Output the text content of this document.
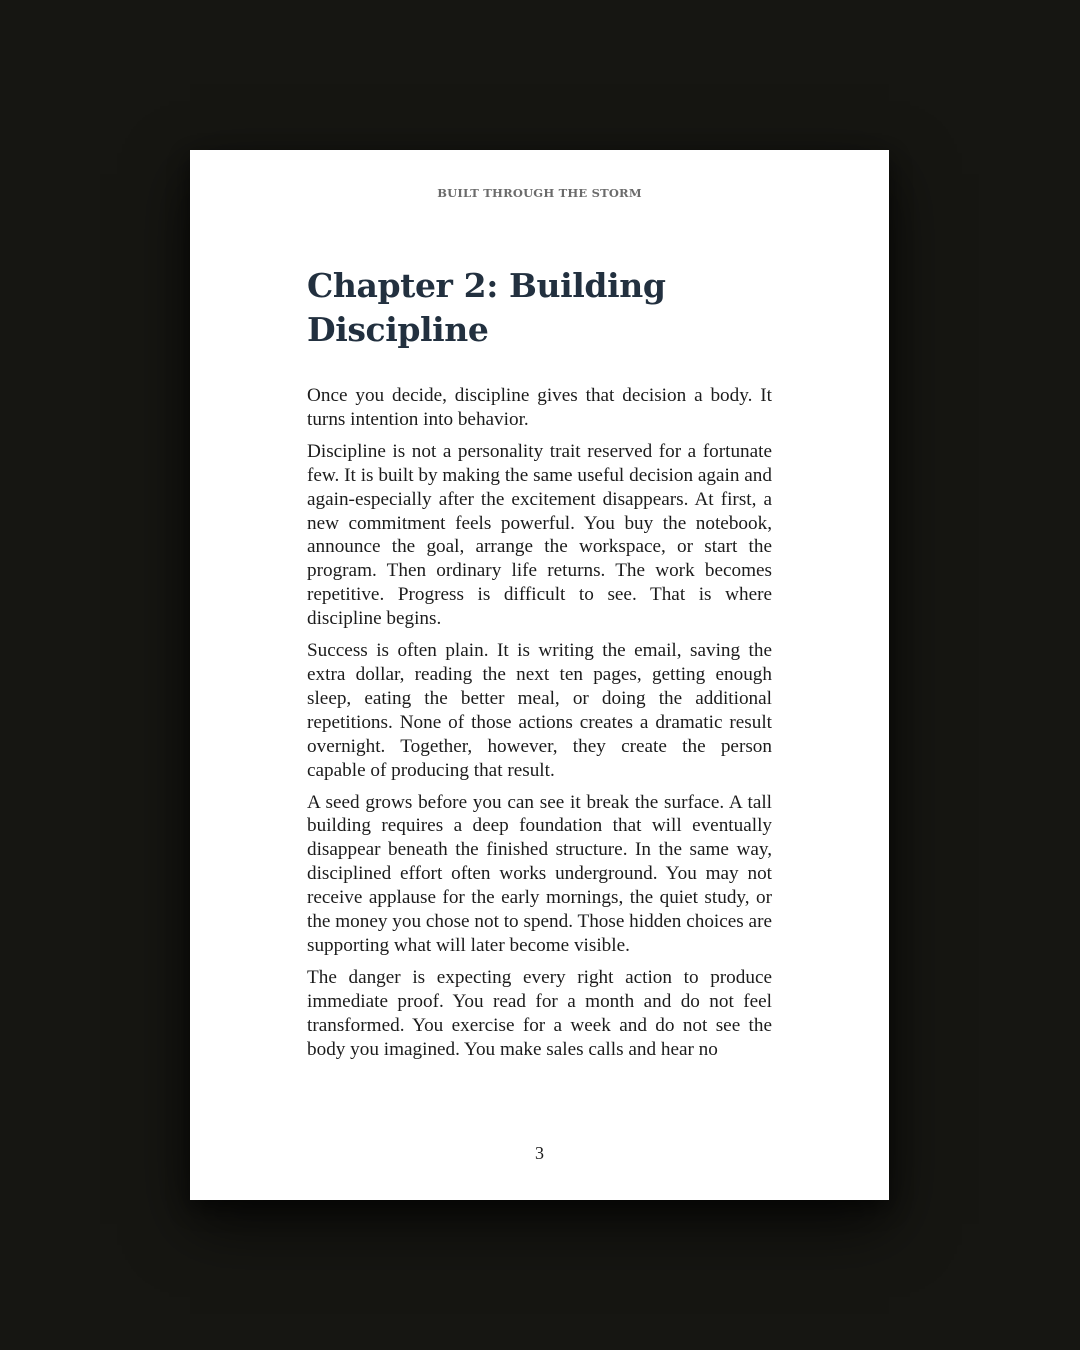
BUILT THROUGH THE STORM
Chapter 2: Building
Discipline

Once you decide, discipline gives that decision a body. It turns intention into behavior.

Discipline is not a personality trait reserved for a fortunate few. It is built by making the same useful decision again and again-especially after the excitement disappears. At first, a new commitment feels powerful. You buy the notebook, announce the goal, arrange the workspace, or start the program. Then ordinary life returns. The work becomes repetitive. Progress is difficult to see. That is where discipline begins.

Success is often plain. It is writing the email, saving the extra dollar, reading the next ten pages, getting enough sleep, eating the better meal, or doing the additional repetitions. None of those actions creates a dramatic result overnight. Together, however, they create the person capable of producing that result.

A seed grows before you can see it break the surface. A tall building requires a deep foundation that will eventually disappear beneath the finished structure. In the same way, disciplined effort often works underground. You may not receive applause for the early mornings, the quiet study, or the money you chose not to spend. Those hidden choices are supporting what will later become visible.

The danger is expecting every right action to produce immediate proof. You read for a month and do not feel transformed. You exercise for a week and do not see the body you imagined. You make sales calls and hear no

3
